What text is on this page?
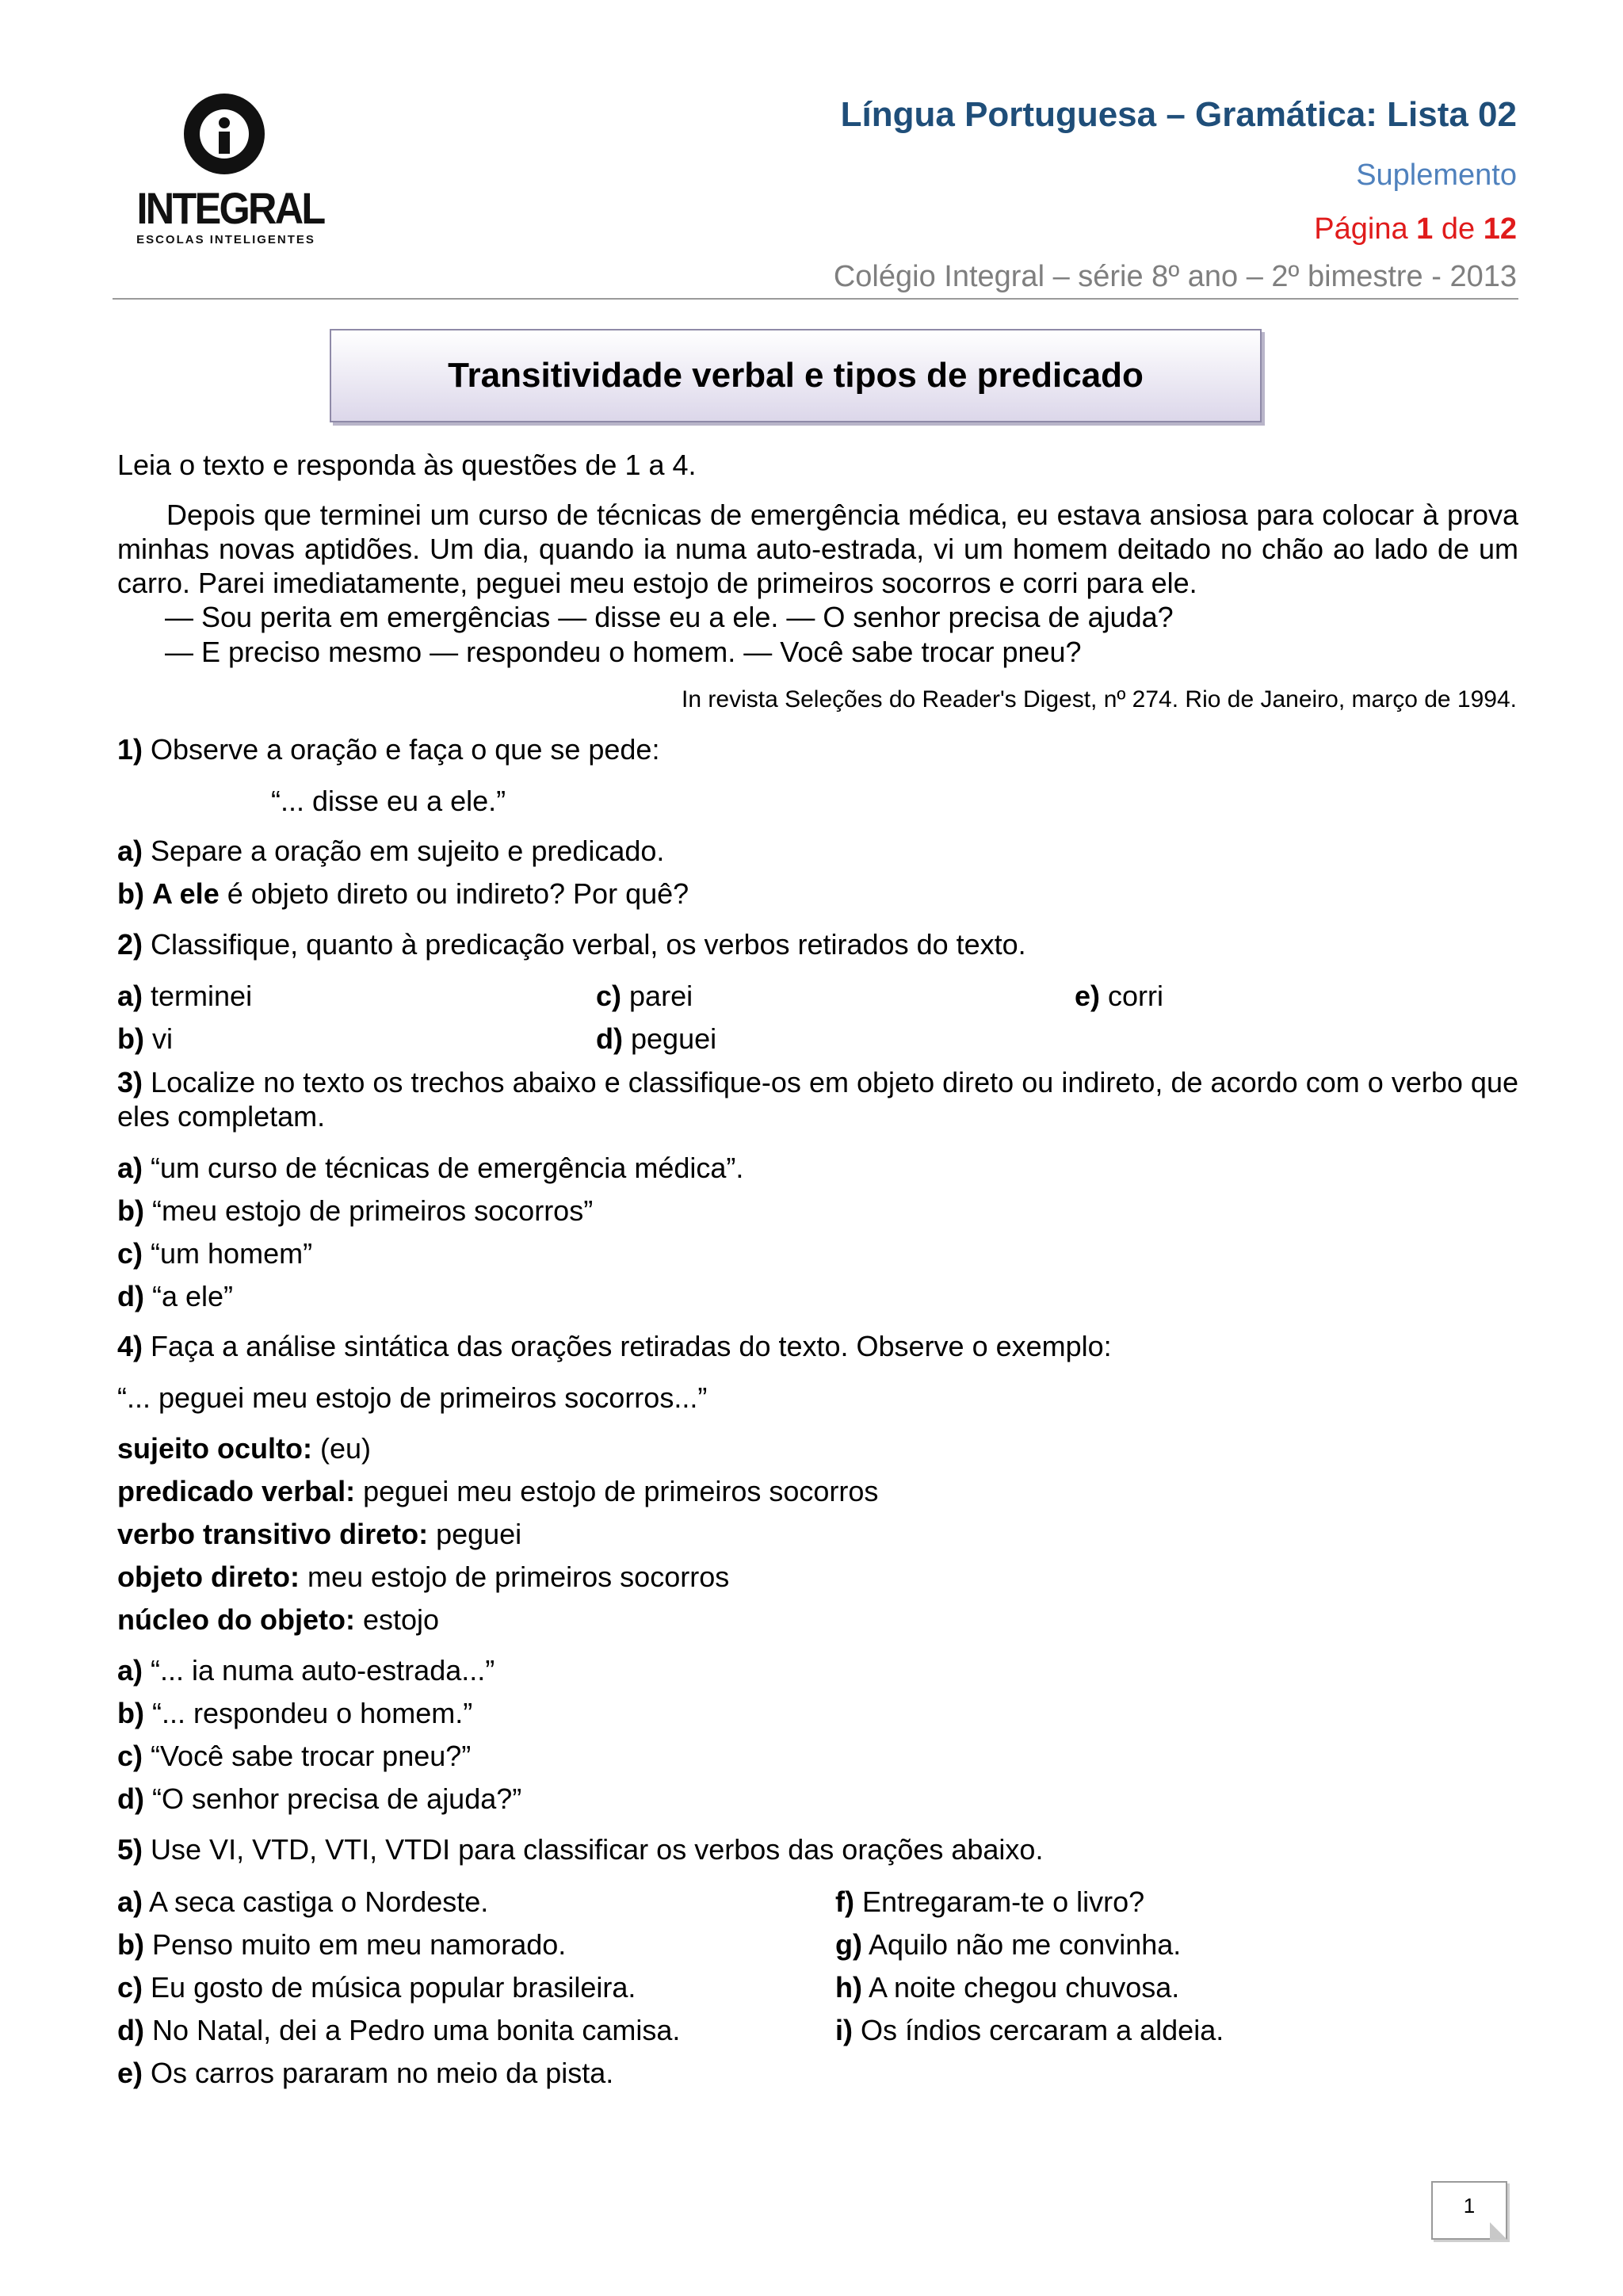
INTEGRAL
ESCOLAS INTELIGENTES
Língua Portuguesa – Gramática: Lista 02
Suplemento
Página 1 de 12
Colégio Integral – série 8º ano – 2º bimestre - 2013
Transitividade verbal e tipos de predicado
Leia o texto e responda às questões de 1 a 4.
Depois que terminei um curso de técnicas de emergência médica, eu estava ansiosa para colocar à prova minhas novas aptidões. Um dia, quando ia numa auto-estrada, vi um homem deitado no chão ao lado de um carro. Parei imediatamente, peguei meu estojo de primeiros socorros e corri para ele.
— Sou perita em emergências — disse eu a ele. — O senhor precisa de ajuda?
— E preciso mesmo — respondeu o homem. — Você sabe trocar pneu?
In revista Seleções do Reader's Digest, nº 274. Rio de Janeiro, março de 1994.
1) Observe a oração e faça o que se pede:
“... disse eu a ele.”
a) Separe a oração em sujeito e predicado.
b) A ele é objeto direto ou indireto? Por quê?
2) Classifique, quanto à predicação verbal, os verbos retirados do texto.
a) terminei	c) parei	e) corri
b) vi	d) peguei
3) Localize no texto os trechos abaixo e classifique-os em objeto direto ou indireto, de acordo com o verbo que eles completam.
a) “um curso de técnicas de emergência médica”.
b) “meu estojo de primeiros socorros”
c) “um homem”
d) “a ele”
4) Faça a análise sintática das orações retiradas do texto. Observe o exemplo:
“... peguei meu estojo de primeiros socorros...”
sujeito oculto: (eu)
predicado verbal: peguei meu estojo de primeiros socorros
verbo transitivo direto: peguei
objeto direto: meu estojo de primeiros socorros
núcleo do objeto: estojo
a) “... ia numa auto-estrada...”
b) “... respondeu o homem.”
c) “Você sabe trocar pneu?”
d) “O senhor precisa de ajuda?”
5) Use VI, VTD, VTI, VTDI para classificar os verbos das orações abaixo.
a) A seca castiga o Nordeste.
b) Penso muito em meu namorado.
c) Eu gosto de música popular brasileira.
d) No Natal, dei a Pedro uma bonita camisa.
e) Os carros pararam no meio da pista.
f) Entregaram-te o livro?
g) Aquilo não me convinha.
h) A noite chegou chuvosa.
i) Os índios cercaram a aldeia.
1
